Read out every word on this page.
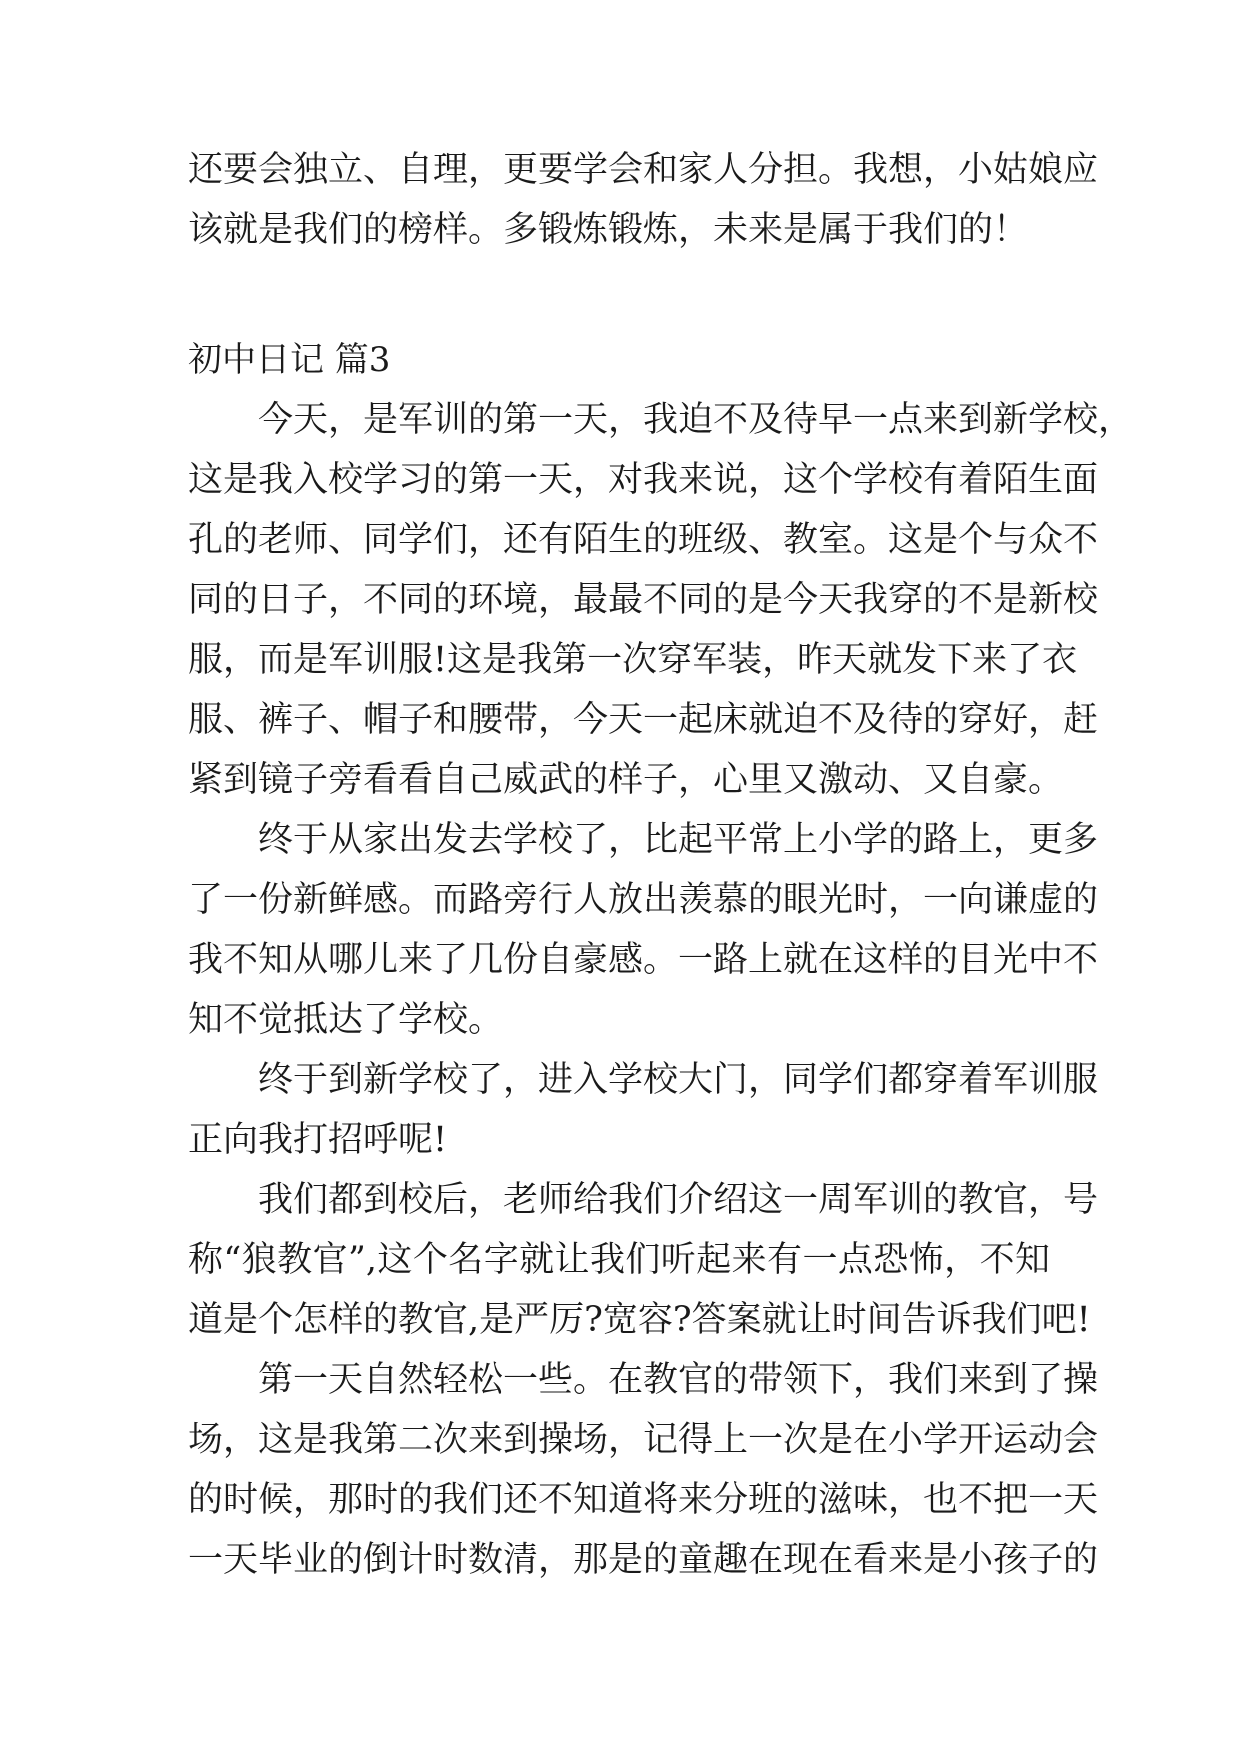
还要会独立、自理，更要学会和家人分担。我想，小姑娘应
该就是我们的榜样。多锻炼锻炼，未来是属于我们的！
初中日记 篇3
今天，是军训的第一天，我迫不及待早一点来到新学校，
这是我入校学习的第一天，对我来说，这个学校有着陌生面
孔的老师、同学们，还有陌生的班级、教室。这是个与众不
同的日子，不同的环境，最最不同的是今天我穿的不是新校
服，而是军训服!这是我第一次穿军装，昨天就发下来了衣
服、裤子、帽子和腰带，今天一起床就迫不及待的穿好，赶
紧到镜子旁看看自己威武的样子，心里又激动、又自豪。
终于从家出发去学校了，比起平常上小学的路上，更多
了一份新鲜感。而路旁行人放出羡慕的眼光时，一向谦虚的
我不知从哪儿来了几份自豪感。一路上就在这样的目光中不
知不觉抵达了学校。
终于到新学校了，进入学校大门，同学们都穿着军训服
正向我打招呼呢!
我们都到校后，老师给我们介绍这一周军训的教官，号
称“狼教官”,这个名字就让我们听起来有一点恐怖，不知
道是个怎样的教官,是严厉?宽容?答案就让时间告诉我们吧!
第一天自然轻松一些。在教官的带领下，我们来到了操
场，这是我第二次来到操场，记得上一次是在小学开运动会
的时候，那时的我们还不知道将来分班的滋味，也不把一天
一天毕业的倒计时数清，那是的童趣在现在看来是小孩子的
